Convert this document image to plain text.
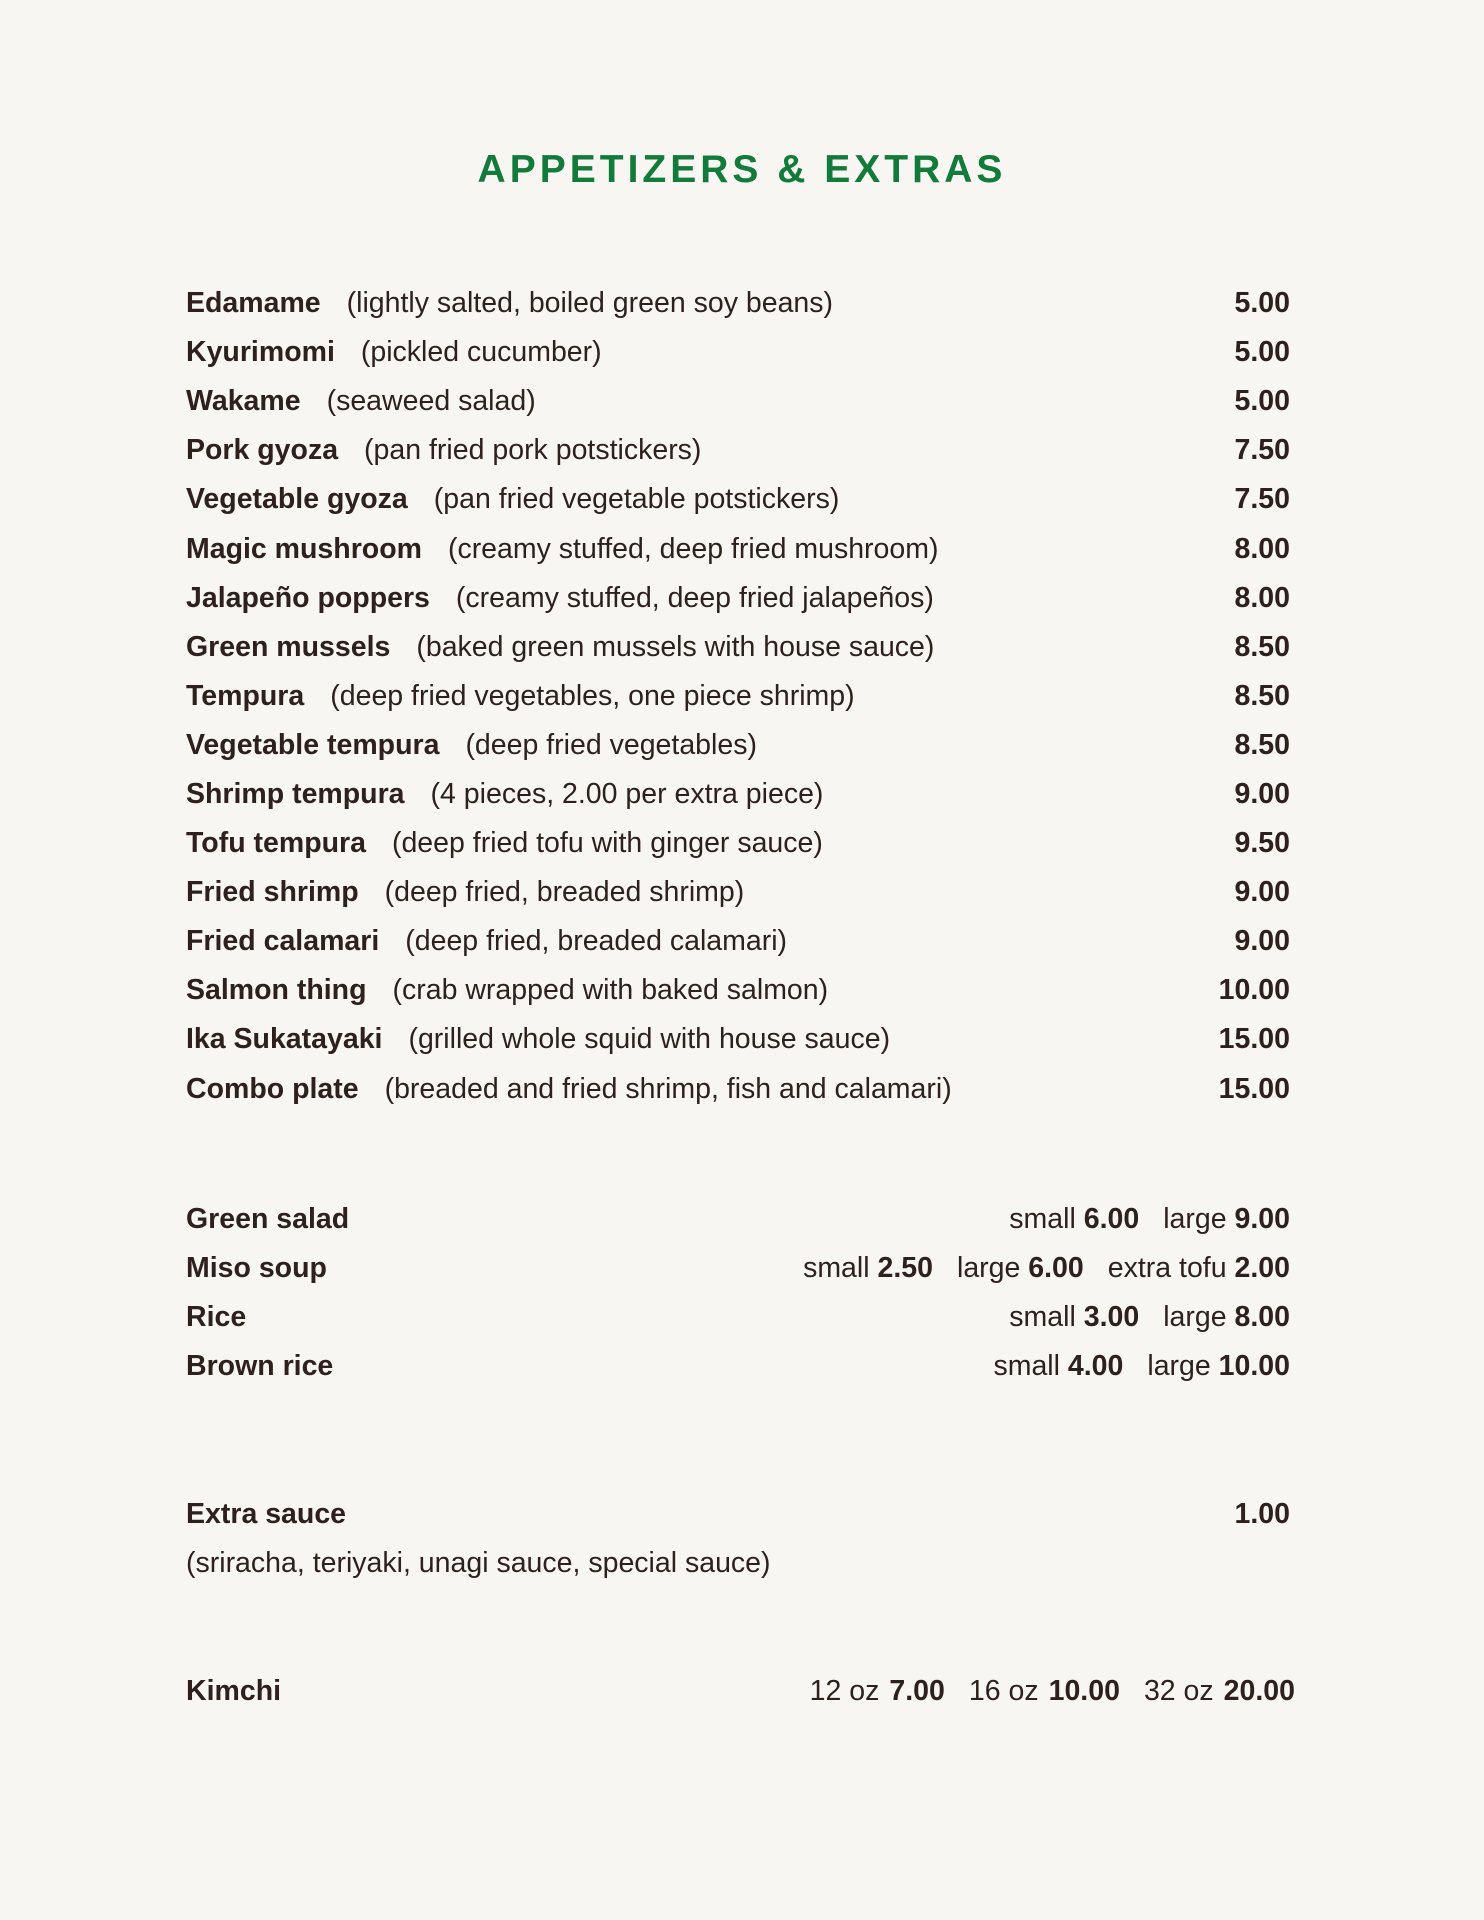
APPETIZERS & EXTRAS
Edamame (lightly salted, boiled green soy beans)	5.00
Kyurimomi (pickled cucumber)	5.00
Wakame (seaweed salad)	5.00
Pork gyoza (pan fried pork potstickers)	7.50
Vegetable gyoza (pan fried vegetable potstickers)	7.50
Magic mushroom (creamy stuffed, deep fried mushroom)	8.00
Jalapeño poppers (creamy stuffed, deep fried jalapeños)	8.00
Green mussels (baked green mussels with house sauce)	8.50
Tempura (deep fried vegetables, one piece shrimp)	8.50
Vegetable tempura (deep fried vegetables)	8.50
Shrimp tempura (4 pieces, 2.00 per extra piece)	9.00
Tofu tempura (deep fried tofu with ginger sauce)	9.50
Fried shrimp (deep fried, breaded shrimp)	9.00
Fried calamari (deep fried, breaded calamari)	9.00
Salmon thing (crab wrapped with baked salmon)	10.00
Ika Sukatayaki (grilled whole squid with house sauce)	15.00
Combo plate (breaded and fried shrimp, fish and calamari)	15.00
Green salad	small 6.00 large 9.00
Miso soup	small 2.50 large 6.00 extra tofu 2.00
Rice	small 3.00 large 8.00
Brown rice	small 4.00 large 10.00
Extra sauce	1.00
(sriracha, teriyaki, unagi sauce, special sauce)
Kimchi	12 oz 7.00 16 oz 10.00 32 oz 20.00
